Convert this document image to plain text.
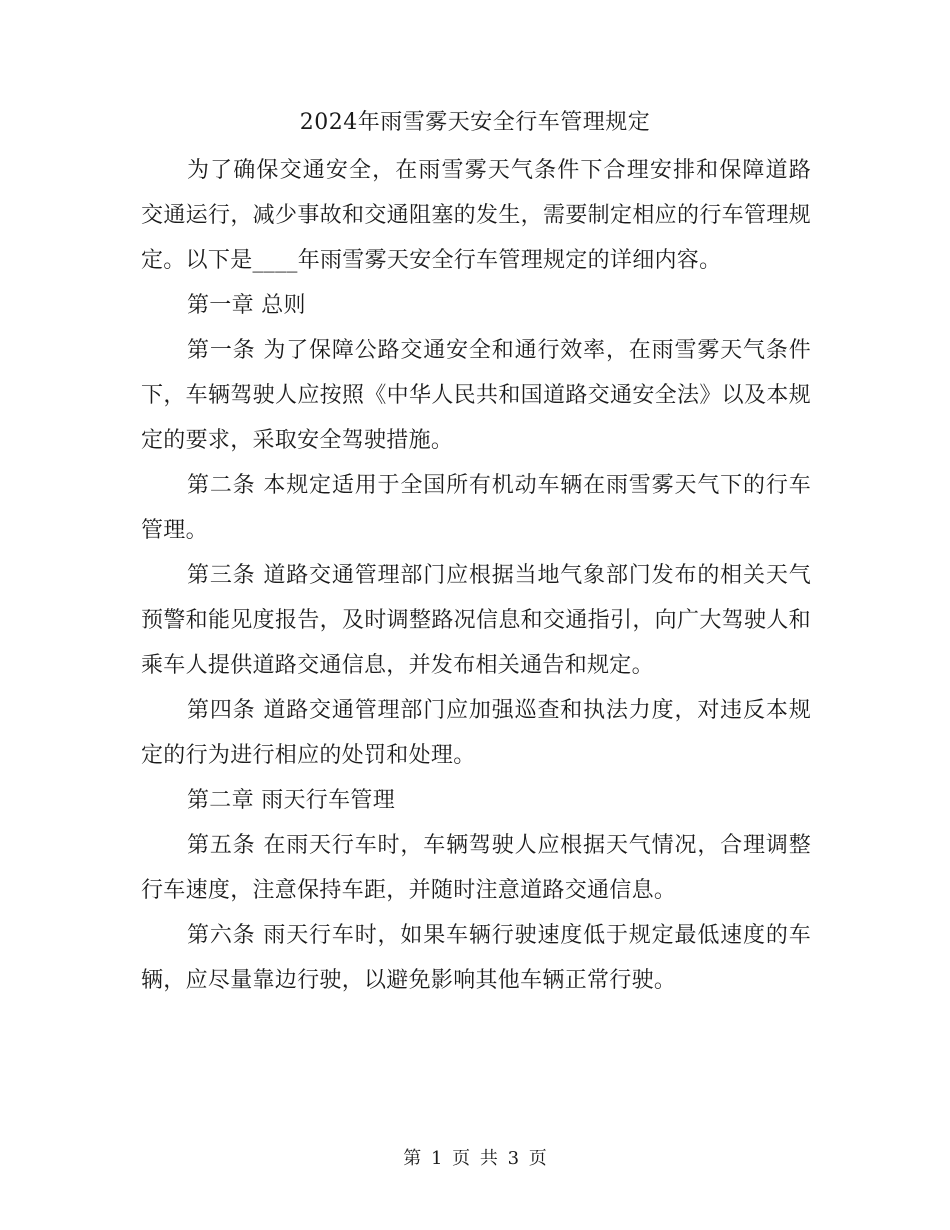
2024年雨雪雾天安全行车管理规定

为了确保交通安全，在雨雪雾天气条件下合理安排和保障道路交通运行，减少事故和交通阻塞的发生，需要制定相应的行车管理规定。以下是____年雨雪雾天安全行车管理规定的详细内容。

第一章 总则

第一条 为了保障公路交通安全和通行效率，在雨雪雾天气条件下，车辆驾驶人应按照《中华人民共和国道路交通安全法》以及本规定的要求，采取安全驾驶措施。

第二条 本规定适用于全国所有机动车辆在雨雪雾天气下的行车管理。

第三条 道路交通管理部门应根据当地气象部门发布的相关天气预警和能见度报告，及时调整路况信息和交通指引，向广大驾驶人和乘车人提供道路交通信息，并发布相关通告和规定。

第四条 道路交通管理部门应加强巡查和执法力度，对违反本规定的行为进行相应的处罚和处理。

第二章 雨天行车管理

第五条 在雨天行车时，车辆驾驶人应根据天气情况，合理调整行车速度，注意保持车距，并随时注意道路交通信息。

第六条 雨天行车时，如果车辆行驶速度低于规定最低速度的车辆，应尽量靠边行驶，以避免影响其他车辆正常行驶。

第 1 页 共 3 页
